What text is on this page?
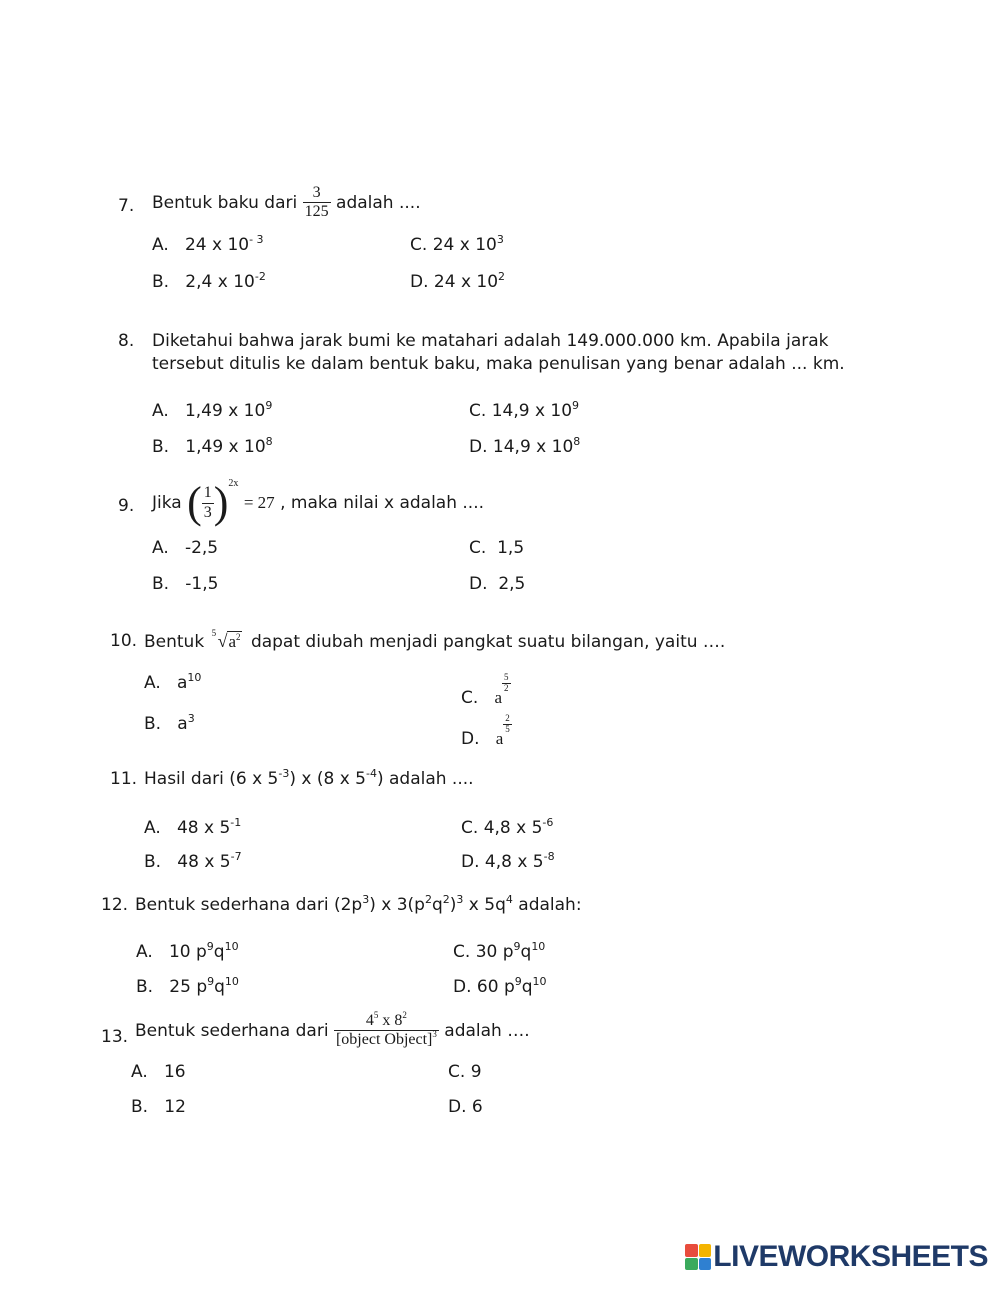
7. Bentuk baku dari $\frac{3}{125}$ adalah ....
A. 24 x $10^{- 3}$
B. 2,4 x $10^{-2}$
C. 24 x $10^3$
D. 24 x $10^2$
8. Diketahui bahwa jarak bumi ke matahari adalah 149.000.000 km. Apabila jarak
tersebut ditulis ke dalam bentuk baku, maka penulisan yang benar adalah ... km.
A. 1,49 x $10^9$
B. 1,49 x $10^8$
C. 14,9 x $10^9$
D. 14,9 x $10^8$
9. Jika ( $\frac{1}{3} )^{2x} = 27$ , maka nilai x adalah ....
A. -2,5
B. -1,5
C. 1,5
D. 2,5
10. Bentuk 5 $√a^2$ dapat diubah menjadi pangkat suatu bilangan, yaitu ….
A. $a^{10}$
B. $a^3$
C. a
$\frac{5}{2}$
D. a
$\frac{2}{5}$
11. Hasil dari (6 x $5^{-3}$) x (8 x $5^{-4}$) adalah ....
A. 48 x $5^{-1}$
B. 48 x $5^{-7}$
C. 4,8 x $5^{-6}$
D. 4,8 x $5^{-8}$
12. Bentuk sederhana dari $(2p^3)$ x $3(p^2q^2)^3$ x $5q^4$ adalah:
A. 10 $p^9q^{10}$
B. 25 $p^9q^{10}$
C. 30 $p^9q^{10}$
D. 60 $p^9q^{10}$
13. Bentuk sederhana dari $\frac{4^5 x 8^2}{[object Object]^3}$ adalah ….
A. 16
B. 12
C. 9
D. 6
LIVEWORKSHEETS
